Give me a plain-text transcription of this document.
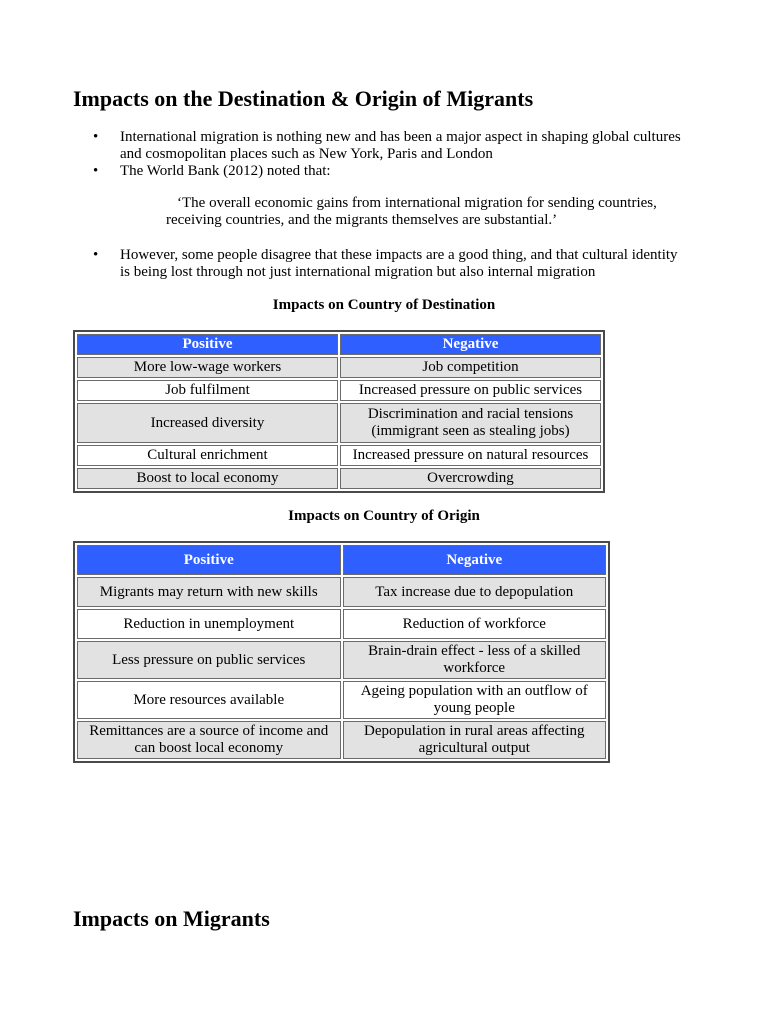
Impacts on the Destination & Origin of Migrants
• International migration is nothing new and has been a major aspect in shaping global cultures and cosmopolitan places such as New York, Paris and London
• The World Bank (2012) noted that:
‘The overall economic gains from international migration for sending countries, receiving countries, and the migrants themselves are substantial.’
• However, some people disagree that these impacts are a good thing, and that cultural identity is being lost through not just international migration but also internal migration
Impacts on Country of Destination
Positive	Negative
More low-wage workers	Job competition
Job fulfilment	Increased pressure on public services
Increased diversity	Discrimination and racial tensions (immigrant seen as stealing jobs)
Cultural enrichment	Increased pressure on natural resources
Boost to local economy	Overcrowding
Impacts on Country of Origin
Positive	Negative
Migrants may return with new skills	Tax increase due to depopulation
Reduction in unemployment	Reduction of workforce
Less pressure on public services	Brain-drain effect - less of a skilled workforce
More resources available	Ageing population with an outflow of young people
Remittances are a source of income and can boost local economy	Depopulation in rural areas affecting agricultural output
Impacts on Migrants
